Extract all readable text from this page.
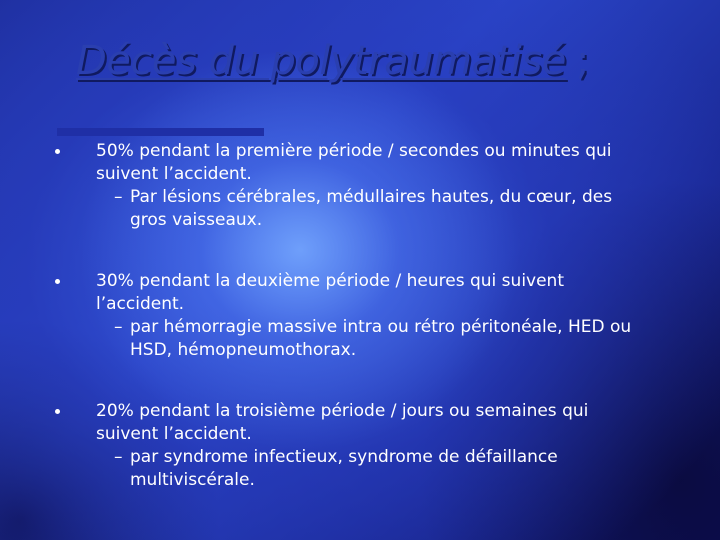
Décès du polytraumatisé ;
50% pendant la première période / secondes ou minutes qui suivent l’accident.
– Par lésions cérébrales, médullaires hautes, du cœur, des gros vaisseaux.
30% pendant la deuxième période / heures qui suivent l’accident.
– par hémorragie massive intra ou rétro péritonéale, HED ou HSD, hémopneumothorax.
20% pendant la troisième période / jours ou semaines qui suivent l’accident.
– par syndrome infectieux, syndrome de défaillance multiviscérale.
